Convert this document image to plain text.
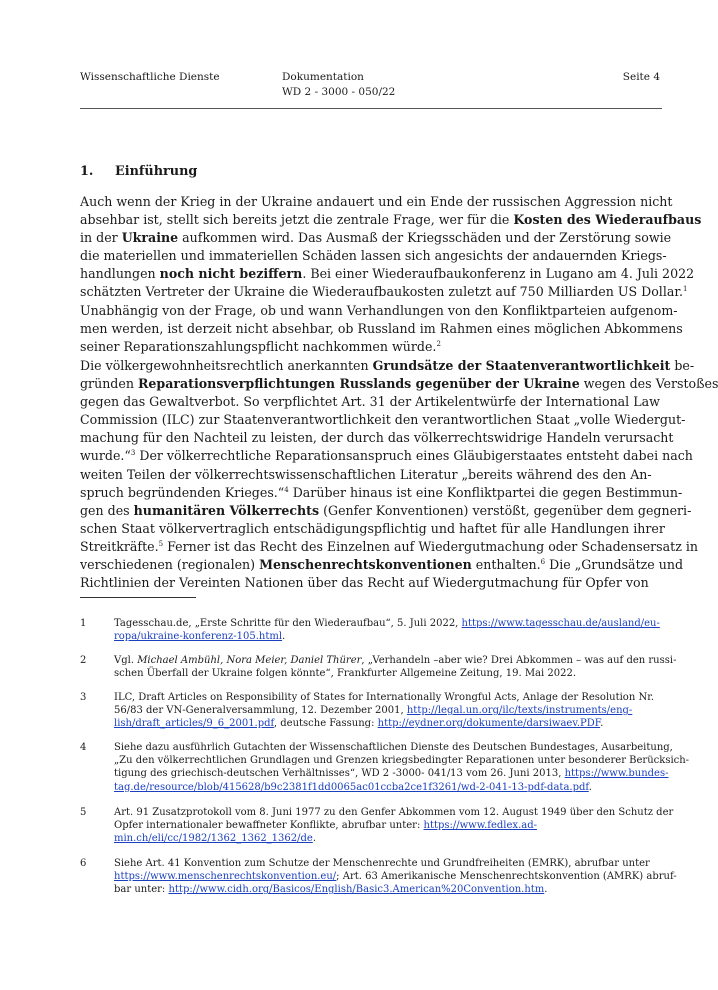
Wissenschaftliche Dienste	Dokumentation
WD 2 - 3000 - 050/22
Seite 4
1. Einführung
Auch wenn der Krieg in der Ukraine andauert und ein Ende der russischen Aggression nicht
absehbar ist, stellt sich bereits jetzt die zentrale Frage, wer für die Kosten des Wiederaufbaus
in der Ukraine aufkommen wird. Das Ausmaß der Kriegsschäden und der Zerstörung sowie
die materiellen und immateriellen Schäden lassen sich angesichts der andauernden Kriegs-
handlungen noch nicht beziffern. Bei einer Wiederaufbaukonferenz in Lugano am 4. Juli 2022
schätzten Vertreter der Ukraine die Wiederaufbaukosten zuletzt auf 750 Milliarden US Dollar.$^1$
Unabhängig von der Frage, ob und wann Verhandlungen von den Konfliktparteien aufgenom-
men werden, ist derzeit nicht absehbar, ob Russland im Rahmen eines möglichen Abkommens
seiner Reparationszahlungspflicht nachkommen würde.$^2$
Die völkergewohnheitsrechtlich anerkannten Grundsätze der Staatenverantwortlichkeit be-
gründen Reparationsverpflichtungen Russlands gegenüber der Ukraine wegen des Verstoßes
gegen das Gewaltverbot. So verpflichtet Art. 31 der Artikelentwürfe der International Law
Commission (ILC) zur Staatenverantwortlichkeit den verantwortlichen Staat „volle Wiedergut-
machung für den Nachteil zu leisten, der durch das völkerrechtswidrige Handeln verursacht
wurde.“$^3$ Der völkerrechtliche Reparationsanspruch eines Gläubigerstaates entsteht dabei nach
weiten Teilen der völkerrechtswissenschaftlichen Literatur „bereits während des den An-
spruch begründenden Krieges.“$^4$ Darüber hinaus ist eine Konfliktpartei die gegen Bestimmun-
gen des humanitären Völkerrechts (Genfer Konventionen) verstößt, gegenüber dem gegneri-
schen Staat völkervertraglich entschädigungspflichtig und haftet für alle Handlungen ihrer
Streitkräfte.$^5$ Ferner ist das Recht des Einzelnen auf Wiedergutmachung oder Schadensersatz in
verschiedenen (regionalen) Menschenrechtskonventionen enthalten.$^6$ Die „Grundsätze und
Richtlinien der Vereinten Nationen über das Recht auf Wiedergutmachung für Opfer von
1	Tagesschau.de, „Erste Schritte für den Wiederaufbau“, 5. Juli 2022, https://www.tagesschau.de/ausland/eu-
ropa/ukraine-konferenz-105.html.
2	Vgl. Michael Ambühl, Nora Meier, Daniel Thürer, „Verhandeln –aber wie? Drei Abkommen – was auf den russi-
schen Überfall der Ukraine folgen könnte“, Frankfurter Allgemeine Zeitung, 19. Mai 2022.
3	ILC, Draft Articles on Responsibility of States for Internationally Wrongful Acts, Anlage der Resolution Nr.
56/83 der VN-Generalversammlung, 12. Dezember 2001, http://legal.un.org/ilc/texts/instruments/eng-
lish/draft_articles/9_6_2001.pdf, deutsche Fassung: http://eydner.org/dokumente/darsiwaev.PDF.
4	Siehe dazu ausführlich Gutachten der Wissenschaftlichen Dienste des Deutschen Bundestages, Ausarbeitung,
„Zu den völkerrechtlichen Grundlagen und Grenzen kriegsbedingter Reparationen unter besonderer Berücksich-
tigung des griechisch-deutschen Verhältnisses“, WD 2 -3000- 041/13 vom 26. Juni 2013, https://www.bundes-
tag.de/resource/blob/415628/b9c2381f1dd0065ac01ccba2ce1f3261/wd-2-041-13-pdf-data.pdf.
5	Art. 91 Zusatzprotokoll vom 8. Juni 1977 zu den Genfer Abkommen vom 12. August 1949 über den Schutz der
Opfer internationaler bewaffneter Konflikte, abrufbar unter: https://www.fedlex.ad-
min.ch/eli/cc/1982/1362_1362_1362/de.
6	Siehe Art. 41 Konvention zum Schutze der Menschenrechte und Grundfreiheiten (EMRK), abrufbar unter
https://www.menschenrechtskonvention.eu/; Art. 63 Amerikanische Menschenrechtskonvention (AMRK) abruf-
bar unter: http://www.cidh.org/Basicos/English/Basic3.American%20Convention.htm.
